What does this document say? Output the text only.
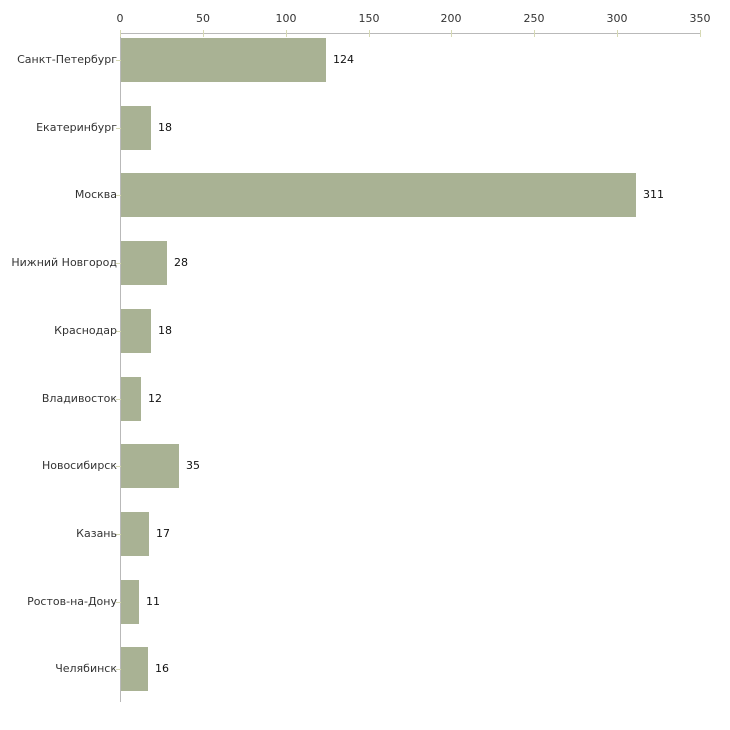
0	50	100	150	200	250	300	350
Санкт-Петербург	124
Екатеринбург	18
Москва	311
Нижний Новгород	28
Краснодар	18
Владивосток	12
Новосибирск	35
Казань	17
Ростов-на-Дону	11
Челябинск	16
